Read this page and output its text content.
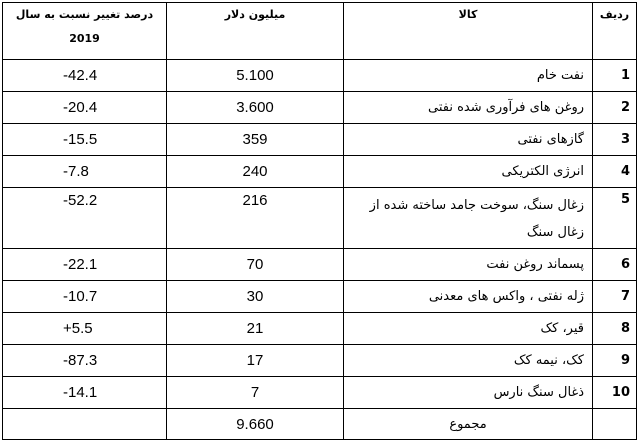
ردیف	کالا	میلیون دلار	درصد تغییر نسبت به سال 2019
1	نفت خام	5.100	-42.4
2	روغن های فرآوری شده نفتی	3.600	-20.4
3	گازهای نفتی	359	-15.5
4	انرژی الکتریکی	240	-7.8
5	زغال سنگ، سوخت جامد ساخته شده از زغال سنگ	216	-52.2
6	پسماند روغن نفت	70	-22.1
7	ژله نفتی ، واکس های معدنی	30	-10.7
8	قیر، کک	21	+5.5
9	کک، نیمه کک	17	-87.3
10	ذغال سنگ نارس	7	-14.1
	مجموع	9.660	
